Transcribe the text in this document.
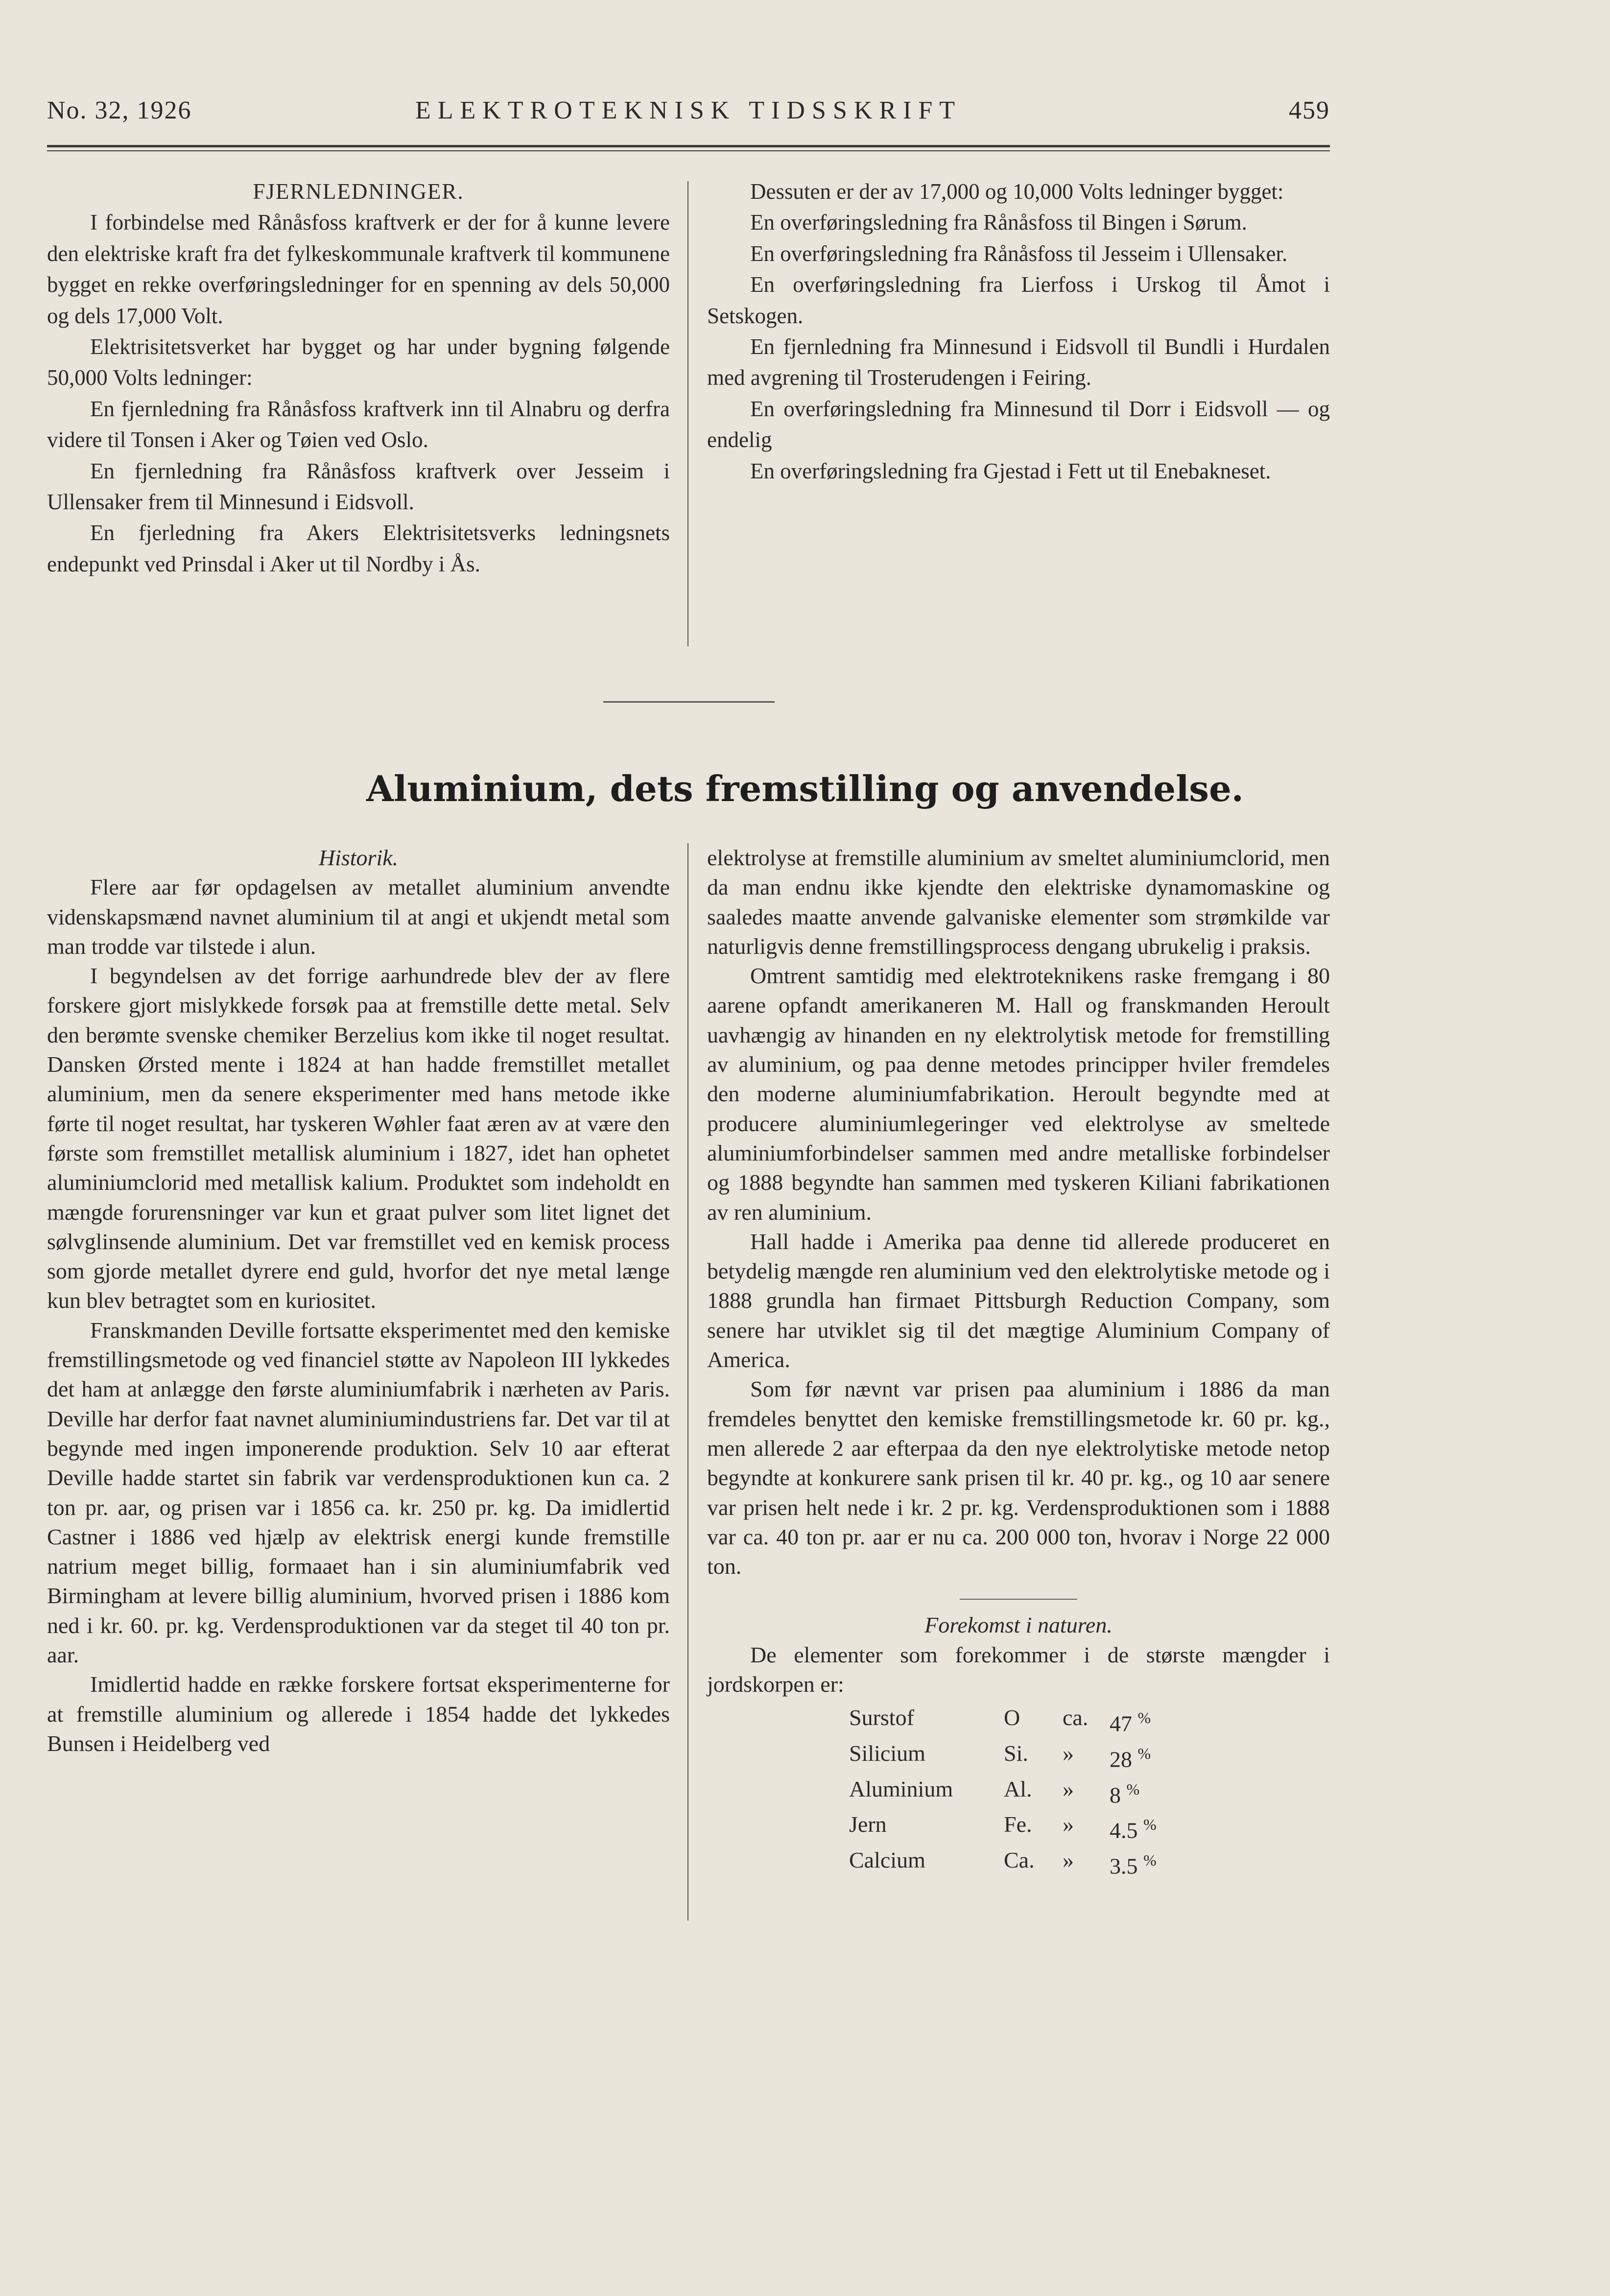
No. 32, 1926	ELEKTROTEKNISK TIDSSKRIFT	459

FJERNLEDNINGER.

I forbindelse med Rånåsfoss kraftverk er der for å kunne levere den elektriske kraft fra det fylkeskommunale kraftverk til kommunene bygget en rekke overføringsledninger for en spenning av dels 50,000 og dels 17,000 Volt.

Elektrisitetsverket har bygget og har under bygning følgende 50,000 Volts ledninger:

En fjernledning fra Rånåsfoss kraftverk inn til Alnabru og derfra videre til Tonsen i Aker og Tøien ved Oslo.

En fjernledning fra Rånåsfoss kraftverk over Jesseim i Ullensaker frem til Minnesund i Eidsvoll.

En fjerledning fra Akers Elektrisitetsverks ledningsnets endepunkt ved Prinsdal i Aker ut til Nordby i Ås.

Dessuten er der av 17,000 og 10,000 Volts ledninger bygget:

En overføringsledning fra Rånåsfoss til Bingen i Sørum.

En overføringsledning fra Rånåsfoss til Jesseim i Ullensaker.

En overføringsledning fra Lierfoss i Urskog til Åmot i Setskogen.

En fjernledning fra Minnesund i Eidsvoll til Bundli i Hurdalen med avgrening til Trosterudengen i Feiring.

En overføringsledning fra Minnesund til Dorr i Eidsvoll — og endelig

En overføringsledning fra Gjestad i Fett ut til Enebakneset.

Aluminium, dets fremstilling og anvendelse.

Historik.

Flere aar før opdagelsen av metallet aluminium anvendte videnskapsmænd navnet aluminium til at angi et ukjendt metal som man trodde var tilstede i alun.

I begyndelsen av det forrige aarhundrede blev der av flere forskere gjort mislykkede forsøk paa at fremstille dette metal. Selv den berømte svenske chemiker Berzelius kom ikke til noget resultat. Dansken Ørsted mente i 1824 at han hadde fremstillet metallet aluminium, men da senere eksperimenter med hans metode ikke førte til noget resultat, har tyskeren Wøhler faat æren av at være den første som fremstillet metallisk aluminium i 1827, idet han ophetet aluminiumclorid med metallisk kalium. Produktet som indeholdt en mængde forurensninger var kun et graat pulver som litet lignet det sølvglinsende aluminium. Det var fremstillet ved en kemisk process som gjorde metallet dyrere end guld, hvorfor det nye metal længe kun blev betragtet som en kuriositet.

Franskmanden Deville fortsatte eksperimentet med den kemiske fremstillingsmetode og ved financiel støtte av Napoleon III lykkedes det ham at anlægge den første aluminiumfabrik i nærheten av Paris. Deville har derfor faat navnet aluminiumindustriens far. Det var til at begynde med ingen imponerende produktion. Selv 10 aar efterat Deville hadde startet sin fabrik var verdensproduktionen kun ca. 2 ton pr. aar, og prisen var i 1856 ca. kr. 250 pr. kg. Da imidlertid Castner i 1886 ved hjælp av elektrisk energi kunde fremstille natrium meget billig, formaaet han i sin aluminiumfabrik ved Birmingham at levere billig aluminium, hvorved prisen i 1886 kom ned i kr. 60. pr. kg. Verdensproduktionen var da steget til 40 ton pr. aar.

Imidlertid hadde en række forskere fortsat eksperimenterne for at fremstille aluminium og allerede i 1854 hadde det lykkedes Bunsen i Heidelberg ved

elektrolyse at fremstille aluminium av smeltet aluminiumclorid, men da man endnu ikke kjendte den elektriske dynamomaskine og saaledes maatte anvende galvaniske elementer som strømkilde var naturligvis denne fremstillingsprocess dengang ubrukelig i praksis.

Omtrent samtidig med elektroteknikens raske fremgang i 80 aarene opfandt amerikaneren M. Hall og franskmanden Heroult uavhængig av hinanden en ny elektrolytisk metode for fremstilling av aluminium, og paa denne metodes principper hviler fremdeles den moderne aluminiumfabrikation. Heroult begyndte med at producere aluminiumlegeringer ved elektrolyse av smeltede aluminiumforbindelser sammen med andre metalliske forbindelser og 1888 begyndte han sammen med tyskeren Kiliani fabrikationen av ren aluminium.

Hall hadde i Amerika paa denne tid allerede produceret en betydelig mængde ren aluminium ved den elektrolytiske metode og i 1888 grundla han firmaet Pittsburgh Reduction Company, som senere har utviklet sig til det mægtige Aluminium Company of America.

Som før nævnt var prisen paa aluminium i 1886 da man fremdeles benyttet den kemiske fremstillingsmetode kr. 60 pr. kg., men allerede 2 aar efterpaa da den nye elektrolytiske metode netop begyndte at konkurere sank prisen til kr. 40 pr. kg., og 10 aar senere var prisen helt nede i kr. 2 pr. kg. Verdensproduktionen som i 1888 var ca. 40 ton pr. aar er nu ca. 200 000 ton, hvorav i Norge 22 000 ton.

Forekomst i naturen.

De elementer som forekommer i de største mængder i jordskorpen er:

Surstof	O	ca. 47 %
Silicium	Si.	»	28 %
Aluminium	Al.	»	8 %
Jern	Fe.	»	4.5 %
Calcium	Ca.	»	3.5 %
